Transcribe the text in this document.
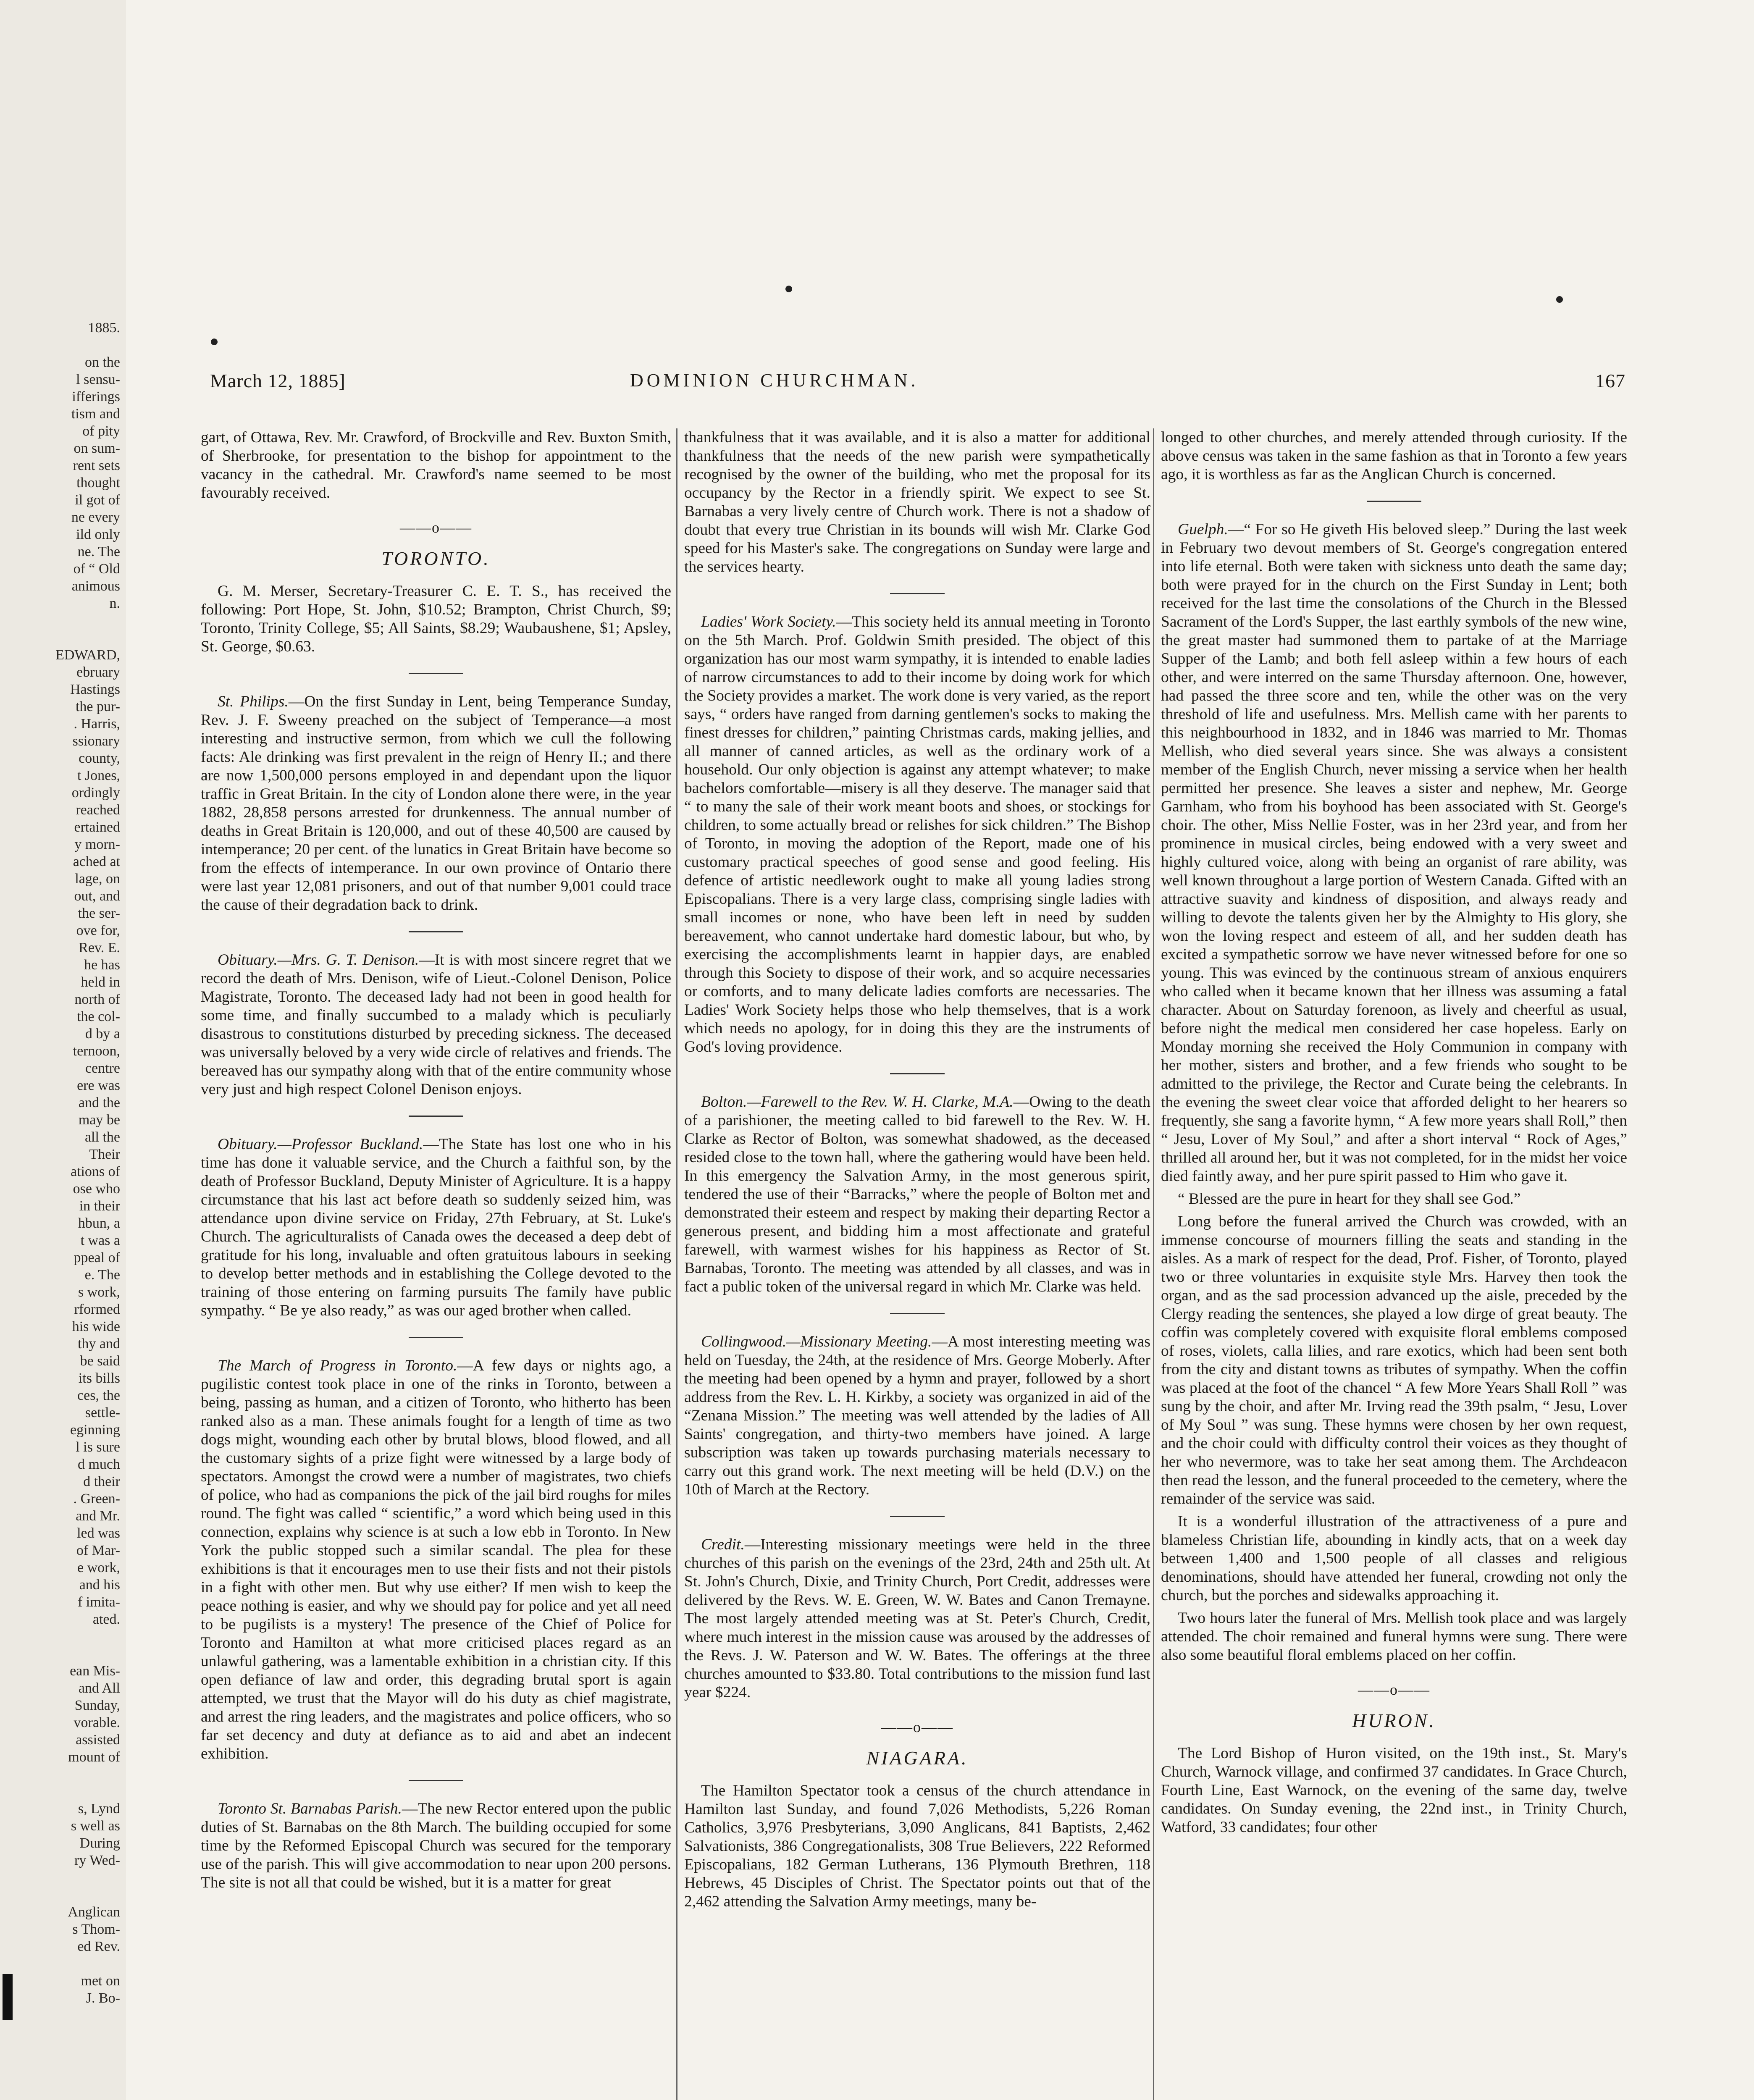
1885.

on the
l sensu-
ifferings
tism and
of pity
on sum-
rent sets
thought
il got of
ne every
ild only
ne. The
of “ Old
animous
n.

EDWARD,
ebruary
Hastings
the pur-
. Harris,
ssionary
county,
t Jones,
ordingly
reached
ertained
y morn-
ached at
lage, on
out, and
the ser-
ove for,
Rev. E.
he has
held in
north of
the col-
d by a
ternoon,
centre
ere was
and the
may be
all the
Their
ations of
ose who
in their
hbun, a
t was a
ppeal of
e. The
s work,
rformed
his wide
thy and
be said
its bills
ces, the
settle-
eginning
l is sure
d much
d their
. Green-
and Mr.
led was
of Mar-
e work,
and his
f imita-
ated.

ean Mis-
and All
Sunday,
vorable.
assisted
mount of

s, Lynd
s well as
During
ry Wed-

Anglican
s Thom-
ed Rev.

met on
J. Bo-
March 12, 1885]	DOMINION CHURCHMAN.	167

gart, of Ottawa, Rev. Mr. Crawford, of Brockville and Rev. Buxton Smith, of Sherbrooke, for presentation to the bishop for appointment to the vacancy in the cathedral. Mr. Crawford's name seemed to be most favourably received.

——o——
TORONTO.

G. M. Merser, Secretary-Treasurer C. E. T. S., has received the following: Port Hope, St. John, $10.52; Brampton, Christ Church, $9; Toronto, Trinity College, $5; All Saints, $8.29; Waubaushene, $1; Apsley, St. George, $0.63.

St. Philips.—On the first Sunday in Lent, being Temperance Sunday, Rev. J. F. Sweeny preached on the subject of Temperance—a most interesting and instructive sermon, from which we cull the following facts: Ale drinking was first prevalent in the reign of Henry II.; and there are now 1,500,000 persons employed in and dependant upon the liquor traffic in Great Britain. In the city of London alone there were, in the year 1882, 28,858 persons arrested for drunkenness. The annual number of deaths in Great Britain is 120,000, and out of these 40,500 are caused by intemperance; 20 per cent. of the lunatics in Great Britain have become so from the effects of intemperance. In our own province of Ontario there were last year 12,081 prisoners, and out of that number 9,001 could trace the cause of their degradation back to drink.

Obituary.—Mrs. G. T. Denison.—It is with most sincere regret that we record the death of Mrs. Denison, wife of Lieut.-Colonel Denison, Police Magistrate, Toronto. The deceased lady had not been in good health for some time, and finally succumbed to a malady which is peculiarly disastrous to constitutions disturbed by preceding sickness. The deceased was universally beloved by a very wide circle of relatives and friends. The bereaved has our sympathy along with that of the entire community whose very just and high respect Colonel Denison enjoys.

Obituary.—Professor Buckland.—The State has lost one who in his time has done it valuable service, and the Church a faithful son, by the death of Professor Buckland, Deputy Minister of Agriculture. It is a happy circumstance that his last act before death so suddenly seized him, was attendance upon divine service on Friday, 27th February, at St. Luke's Church. The agriculturalists of Canada owes the deceased a deep debt of gratitude for his long, invaluable and often gratuitous labours in seeking to develop better methods and in establishing the College devoted to the training of those entering on farming pursuits The family have public sympathy. “ Be ye also ready,” as was our aged brother when called.

The March of Progress in Toronto.—A few days or nights ago, a pugilistic contest took place in one of the rinks in Toronto, between a being, passing as human, and a citizen of Toronto, who hitherto has been ranked also as a man. These animals fought for a length of time as two dogs might, wounding each other by brutal blows, blood flowed, and all the customary sights of a prize fight were witnessed by a large body of spectators. Amongst the crowd were a number of magistrates, two chiefs of police, who had as companions the pick of the jail bird roughs for miles round. The fight was called “ scientific,” a word which being used in this connection, explains why science is at such a low ebb in Toronto. In New York the public stopped such a similar scandal. The plea for these exhibitions is that it encourages men to use their fists and not their pistols in a fight with other men. But why use either? If men wish to keep the peace nothing is easier, and why we should pay for police and yet all need to be pugilists is a mystery! The presence of the Chief of Police for Toronto and Hamilton at what more criticised places regard as an unlawful gathering, was a lamentable exhibition in a christian city. If this open defiance of law and order, this degrading brutal sport is again attempted, we trust that the Mayor will do his duty as chief magistrate, and arrest the ring leaders, and the magistrates and police officers, who so far set decency and duty at defiance as to aid and abet an indecent exhibition.

Toronto St. Barnabas Parish.—The new Rector entered upon the public duties of St. Barnabas on the 8th March. The building occupied for some time by the Reformed Episcopal Church was secured for the temporary use of the parish. This will give accommodation to near upon 200 persons. The site is not all that could be wished, but it is a matter for great

thankfulness that it was available, and it is also a matter for additional thankfulness that the needs of the new parish were sympathetically recognised by the owner of the building, who met the proposal for its occupancy by the Rector in a friendly spirit. We expect to see St. Barnabas a very lively centre of Church work. There is not a shadow of doubt that every true Christian in its bounds will wish Mr. Clarke God speed for his Master's sake. The congregations on Sunday were large and the services hearty.

Ladies' Work Society.—This society held its annual meeting in Toronto on the 5th March. Prof. Goldwin Smith presided. The object of this organization has our most warm sympathy, it is intended to enable ladies of narrow circumstances to add to their income by doing work for which the Society provides a market. The work done is very varied, as the report says, “ orders have ranged from darning gentlemen's socks to making the finest dresses for children,” painting Christmas cards, making jellies, and all manner of canned articles, as well as the ordinary work of a household. Our only objection is against any attempt whatever; to make bachelors comfortable—misery is all they deserve. The manager said that “ to many the sale of their work meant boots and shoes, or stockings for children, to some actually bread or relishes for sick children.” The Bishop of Toronto, in moving the adoption of the Report, made one of his customary practical speeches of good sense and good feeling. His defence of artistic needlework ought to make all young ladies strong Episcopalians. There is a very large class, comprising single ladies with small incomes or none, who have been left in need by sudden bereavement, who cannot undertake hard domestic labour, but who, by exercising the accomplishments learnt in happier days, are enabled through this Society to dispose of their work, and so acquire necessaries or comforts, and to many delicate ladies comforts are necessaries. The Ladies' Work Society helps those who help themselves, that is a work which needs no apology, for in doing this they are the instruments of God's loving providence.

Bolton.—Farewell to the Rev. W. H. Clarke, M.A.—Owing to the death of a parishioner, the meeting called to bid farewell to the Rev. W. H. Clarke as Rector of Bolton, was somewhat shadowed, as the deceased resided close to the town hall, where the gathering would have been held. In this emergency the Salvation Army, in the most generous spirit, tendered the use of their “Barracks,” where the people of Bolton met and demonstrated their esteem and respect by making their departing Rector a generous present, and bidding him a most affectionate and grateful farewell, with warmest wishes for his happiness as Rector of St. Barnabas, Toronto. The meeting was attended by all classes, and was in fact a public token of the universal regard in which Mr. Clarke was held.

Collingwood.—Missionary Meeting.—A most interesting meeting was held on Tuesday, the 24th, at the residence of Mrs. George Moberly. After the meeting had been opened by a hymn and prayer, followed by a short address from the Rev. L. H. Kirkby, a society was organized in aid of the “Zenana Mission.” The meeting was well attended by the ladies of All Saints' congregation, and thirty-two members have joined. A large subscription was taken up towards purchasing materials necessary to carry out this grand work. The next meeting will be held (D.V.) on the 10th of March at the Rectory.

Credit.—Interesting missionary meetings were held in the three churches of this parish on the evenings of the 23rd, 24th and 25th ult. At St. John's Church, Dixie, and Trinity Church, Port Credit, addresses were delivered by the Revs. W. E. Green, W. W. Bates and Canon Tremayne. The most largely attended meeting was at St. Peter's Church, Credit, where much interest in the mission cause was aroused by the addresses of the Revs. J. W. Paterson and W. W. Bates. The offerings at the three churches amounted to $33.80. Total contributions to the mission fund last year $224.

——o——
NIAGARA.

The Hamilton Spectator took a census of the church attendance in Hamilton last Sunday, and found 7,026 Methodists, 5,226 Roman Catholics, 3,976 Presbyterians, 3,090 Anglicans, 841 Baptists, 2,462 Salvationists, 386 Congregationalists, 308 True Believers, 222 Reformed Episcopalians, 182 German Lutherans, 136 Plymouth Brethren, 118 Hebrews, 45 Disciples of Christ. The Spectator points out that of the 2,462 attending the Salvation Army meetings, many be-

longed to other churches, and merely attended through curiosity. If the above census was taken in the same fashion as that in Toronto a few years ago, it is worthless as far as the Anglican Church is concerned.

Guelph.—“ For so He giveth His beloved sleep.” During the last week in February two devout members of St. George's congregation entered into life eternal. Both were taken with sickness unto death the same day; both were prayed for in the church on the First Sunday in Lent; both received for the last time the consolations of the Church in the Blessed Sacrament of the Lord's Supper, the last earthly symbols of the new wine, the great master had summoned them to partake of at the Marriage Supper of the Lamb; and both fell asleep within a few hours of each other, and were interred on the same Thursday afternoon. One, however, had passed the three score and ten, while the other was on the very threshold of life and usefulness. Mrs. Mellish came with her parents to this neighbourhood in 1832, and in 1846 was married to Mr. Thomas Mellish, who died several years since. She was always a consistent member of the English Church, never missing a service when her health permitted her presence. She leaves a sister and nephew, Mr. George Garnham, who from his boyhood has been associated with St. George's choir. The other, Miss Nellie Foster, was in her 23rd year, and from her prominence in musical circles, being endowed with a very sweet and highly cultured voice, along with being an organist of rare ability, was well known throughout a large portion of Western Canada. Gifted with an attractive suavity and kindness of disposition, and always ready and willing to devote the talents given her by the Almighty to His glory, she won the loving respect and esteem of all, and her sudden death has excited a sympathetic sorrow we have never witnessed before for one so young. This was evinced by the continuous stream of anxious enquirers who called when it became known that her illness was assuming a fatal character. About on Saturday forenoon, as lively and cheerful as usual, before night the medical men considered her case hopeless. Early on Monday morning she received the Holy Communion in company with her mother, sisters and brother, and a few friends who sought to be admitted to the privilege, the Rector and Curate being the celebrants. In the evening the sweet clear voice that afforded delight to her hearers so frequently, she sang a favorite hymn, “ A few more years shall Roll,” then “ Jesu, Lover of My Soul,” and after a short interval “ Rock of Ages,” thrilled all around her, but it was not completed, for in the midst her voice died faintly away, and her pure spirit passed to Him who gave it.

“ Blessed are the pure in heart for they shall see God.”

Long before the funeral arrived the Church was crowded, with an immense concourse of mourners filling the seats and standing in the aisles. As a mark of respect for the dead, Prof. Fisher, of Toronto, played two or three voluntaries in exquisite style Mrs. Harvey then took the organ, and as the sad procession advanced up the aisle, preceded by the Clergy reading the sentences, she played a low dirge of great beauty. The coffin was completely covered with exquisite floral emblems composed of roses, violets, calla lilies, and rare exotics, which had been sent both from the city and distant towns as tributes of sympathy. When the coffin was placed at the foot of the chancel “ A few More Years Shall Roll ” was sung by the choir, and after Mr. Irving read the 39th psalm, “ Jesu, Lover of My Soul ” was sung. These hymns were chosen by her own request, and the choir could with difficulty control their voices as they thought of her who nevermore, was to take her seat among them. The Archdeacon then read the lesson, and the funeral proceeded to the cemetery, where the remainder of the service was said.

It is a wonderful illustration of the attractiveness of a pure and blameless Christian life, abounding in kindly acts, that on a week day between 1,400 and 1,500 people of all classes and religious denominations, should have attended her funeral, crowding not only the church, but the porches and sidewalks approaching it.

Two hours later the funeral of Mrs. Mellish took place and was largely attended. The choir remained and funeral hymns were sung. There were also some beautiful floral emblems placed on her coffin.

——o——
HURON.

The Lord Bishop of Huron visited, on the 19th inst., St. Mary's Church, Warnock village, and confirmed 37 candidates. In Grace Church, Fourth Line, East Warnock, on the evening of the same day, twelve candidates. On Sunday evening, the 22nd inst., in Trinity Church, Watford, 33 candidates; four other
